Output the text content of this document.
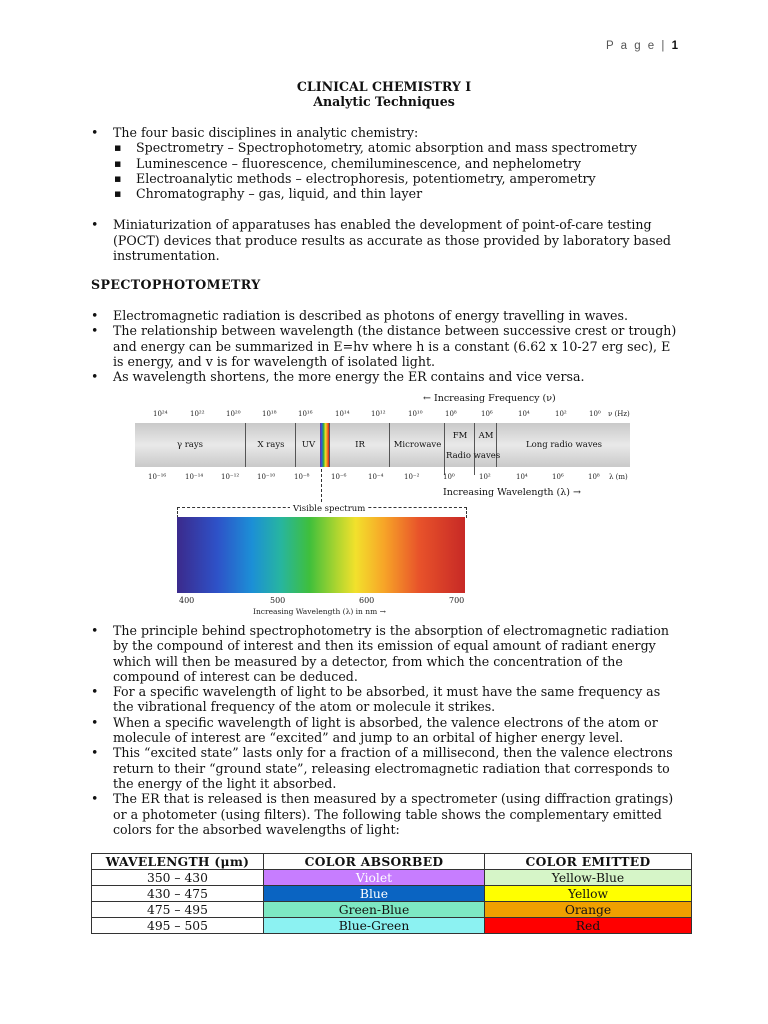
P a g e | 1
CLINICAL CHEMISTRY I
Analytic Techniques
• The four basic disciplines in analytic chemistry:
▪ Spectrometry – Spectrophotometry, atomic absorption and mass spectrometry
▪ Luminescence – fluorescence, chemiluminescence, and nephelometry
▪ Electroanalytic methods – electrophoresis, potentiometry, amperometry
▪ Chromatography – gas, liquid, and thin layer
• Miniaturization of apparatuses has enabled the development of point-of-care testing (POCT) devices that produce results as accurate as those provided by laboratory based instrumentation.
SPECTOPHOTOMETRY
• Electromagnetic radiation is described as photons of energy travelling in waves.
• The relationship between wavelength (the distance between successive crest or trough) and energy can be summarized in E=hv where h is a constant (6.62 x 10-27 erg sec), E is energy, and v is for wavelength of isolated light.
• As wavelength shortens, the more energy the ER contains and vice versa.
← Increasing Frequency (ν)
10²⁴	10²²	10²⁰	10¹⁸	10¹⁶	10¹⁴	10¹²	10¹⁰	10⁸	10⁶	10⁴	10²	10⁰ ν (Hz)
γ rays	X rays	UV	IR	Microwave
FM	AM
Long radio waves
Radio waves
10⁻¹⁶	10⁻¹⁴	10⁻¹²	10⁻¹⁰	10⁻⁸	10⁻⁶	10⁻⁴	10⁻²	10⁰	10²	10⁴	10⁶	10⁸ λ (m)
Increasing Wavelength (λ) →
Visible spectrum
400	500	600	700
Increasing Wavelength (λ) in nm →
• The principle behind spectrophotometry is the absorption of electromagnetic radiation by the compound of interest and then its emission of equal amount of radiant energy which will then be measured by a detector, from which the concentration of the compound of interest can be deduced.
• For a specific wavelength of light to be absorbed, it must have the same frequency as the vibrational frequency of the atom or molecule it strikes.
• When a specific wavelength of light is absorbed, the valence electrons of the atom or molecule of interest are “excited” and jump to an orbital of higher energy level.
• This “excited state” lasts only for a fraction of a millisecond, then the valence electrons return to their “ground state”, releasing electromagnetic radiation that corresponds to the energy of the light it absorbed.
• The ER that is released is then measured by a spectrometer (using diffraction gratings) or a photometer (using filters). The following table shows the complementary emitted colors for the absorbed wavelengths of light:
WAVELENGTH (μm)	COLOR ABSORBED	COLOR EMITTED
350 – 430	Violet	Yellow-Blue
430 – 475	Blue	Yellow
475 – 495	Green-Blue	Orange
495 – 505	Blue-Green	Red
